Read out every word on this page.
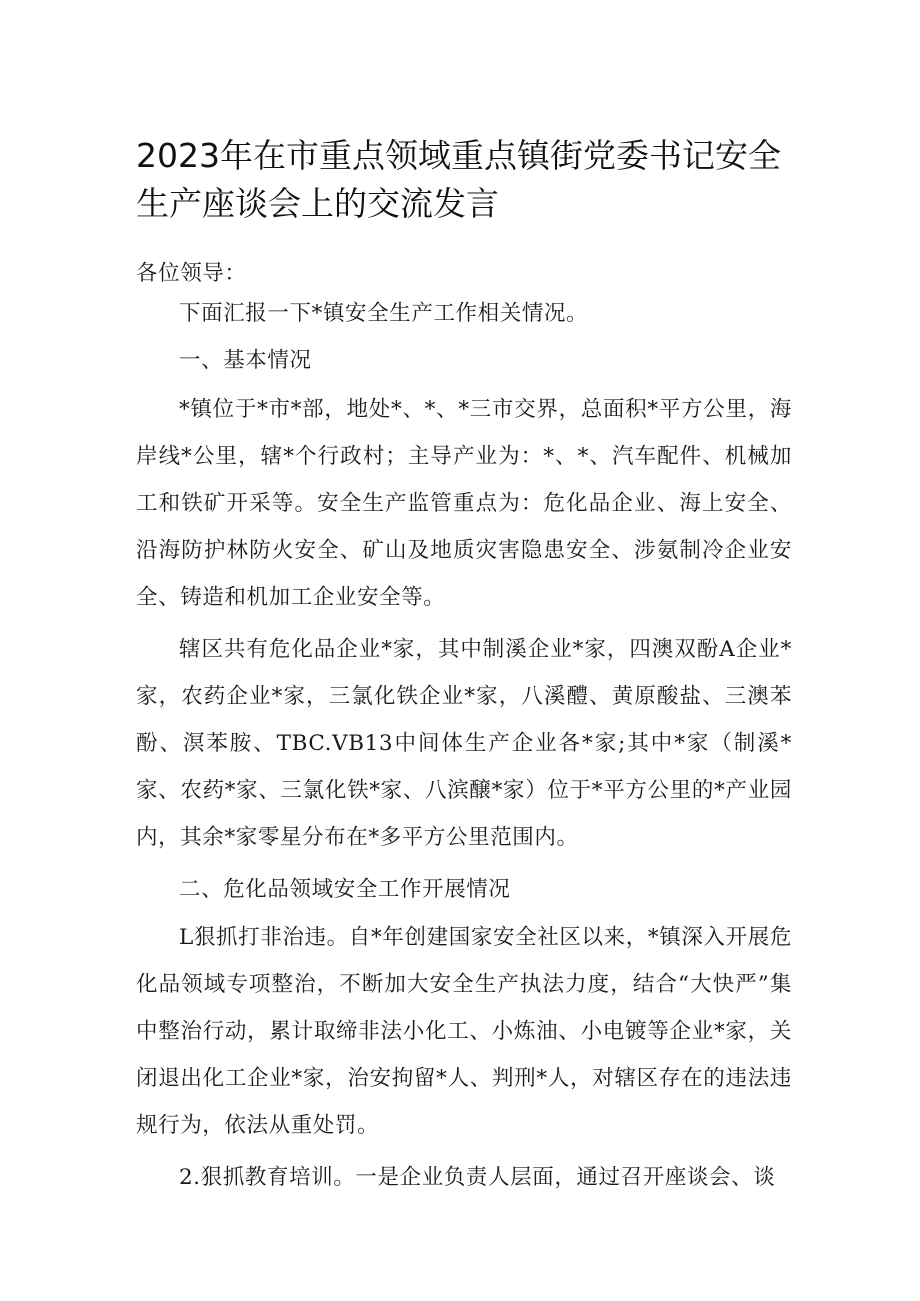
2023年在市重点领域重点镇街党委书记安全生产座谈会上的交流发言

各位领导：

下面汇报一下*镇安全生产工作相关情况。

一、基本情况

*镇位于*市*部，地处*、*、*三市交界，总面积*平方公里，海岸线*公里，辖*个行政村；主导产业为：*、*、汽车配件、机械加工和铁矿开采等。安全生产监管重点为：危化品企业、海上安全、沿海防护林防火安全、矿山及地质灾害隐患安全、涉氨制冷企业安全、铸造和机加工企业安全等。

辖区共有危化品企业*家，其中制溪企业*家，四澳双酚A企业*家，农药企业*家，三氯化铁企业*家，八溪醴、黄原酸盐、三澳苯酚、溟苯胺、TBC.VB13中间体生产企业各*家;其中*家（制溪*家、农药*家、三氯化铁*家、八滨醸*家）位于*平方公里的*产业园内，其余*家零星分布在*多平方公里范围内。

二、危化品领域安全工作开展情况

L狠抓打非治违。自*年创建国家安全社区以来，*镇深入开展危化品领域专项整治，不断加大安全生产执法力度，结合“大快严”集中整治行动，累计取缔非法小化工、小炼油、小电镀等企业*家，关闭退出化工企业*家，治安拘留*人、判刑*人，对辖区存在的违法违规行为，依法从重处罚。

2.狠抓教育培训。一是企业负责人层面，通过召开座谈会、谈
